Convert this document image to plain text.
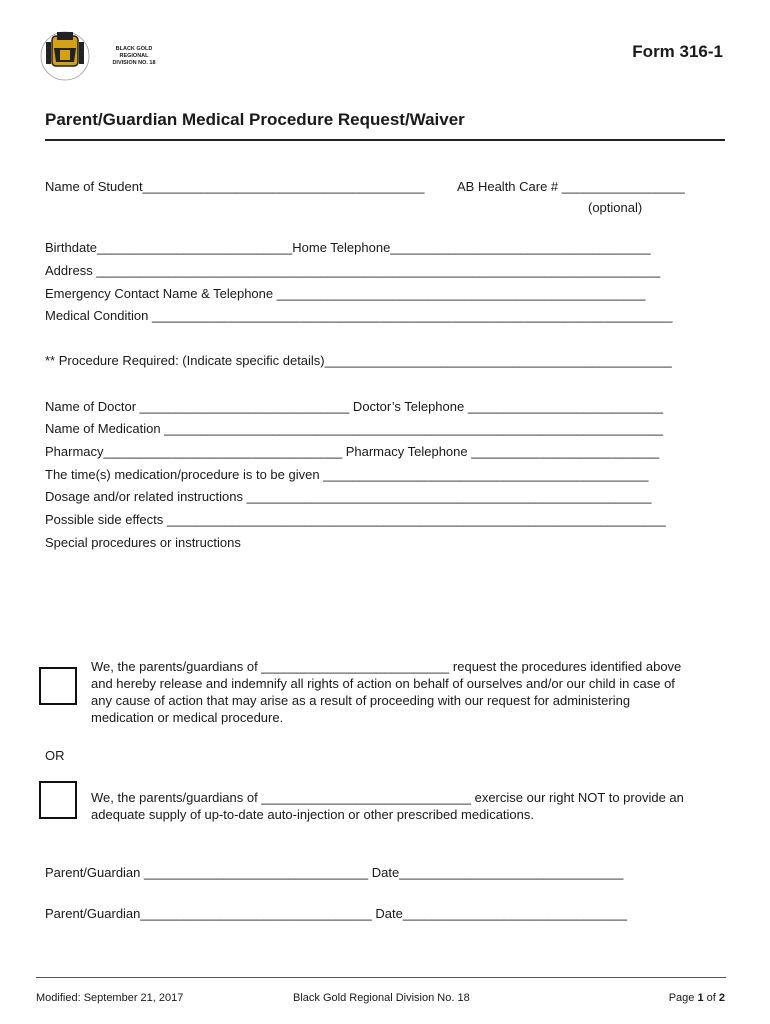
BLACK GOLD REGIONAL DIVISION NO. 18
Form 316-1
Parent/Guardian Medical Procedure Request/Waiver
Name of Student_______________________________________ AB Health Care # _________________
(optional)
Birthdate___________________________Home Telephone____________________________________
Address ______________________________________________________________________________
Emergency Contact Name & Telephone ___________________________________________________
Medical Condition ________________________________________________________________________
** Procedure Required: (Indicate specific details)________________________________________________
Name of Doctor _____________________________ Doctor’s Telephone ___________________________
Name of Medication _____________________________________________________________________
Pharmacy_________________________________ Pharmacy Telephone __________________________
The time(s) medication/procedure is to be given _____________________________________________
Dosage and/or related instructions ________________________________________________________
Possible side effects _____________________________________________________________________
Special procedures or instructions
We, the parents/guardians of __________________________ request the procedures identified above and hereby release and indemnify all rights of action on behalf of ourselves and/or our child in case of any cause of action that may arise as a result of proceeding with our request for administering medication or medical procedure.
OR
We, the parents/guardians of _____________________________ exercise our right NOT to provide an adequate supply of up-to-date auto-injection or other prescribed medications.
Parent/Guardian _______________________________ Date_______________________________
Parent/Guardian________________________________ Date_______________________________
Modified: September 21, 2017	Black Gold Regional Division No. 18	Page 1 of 2
